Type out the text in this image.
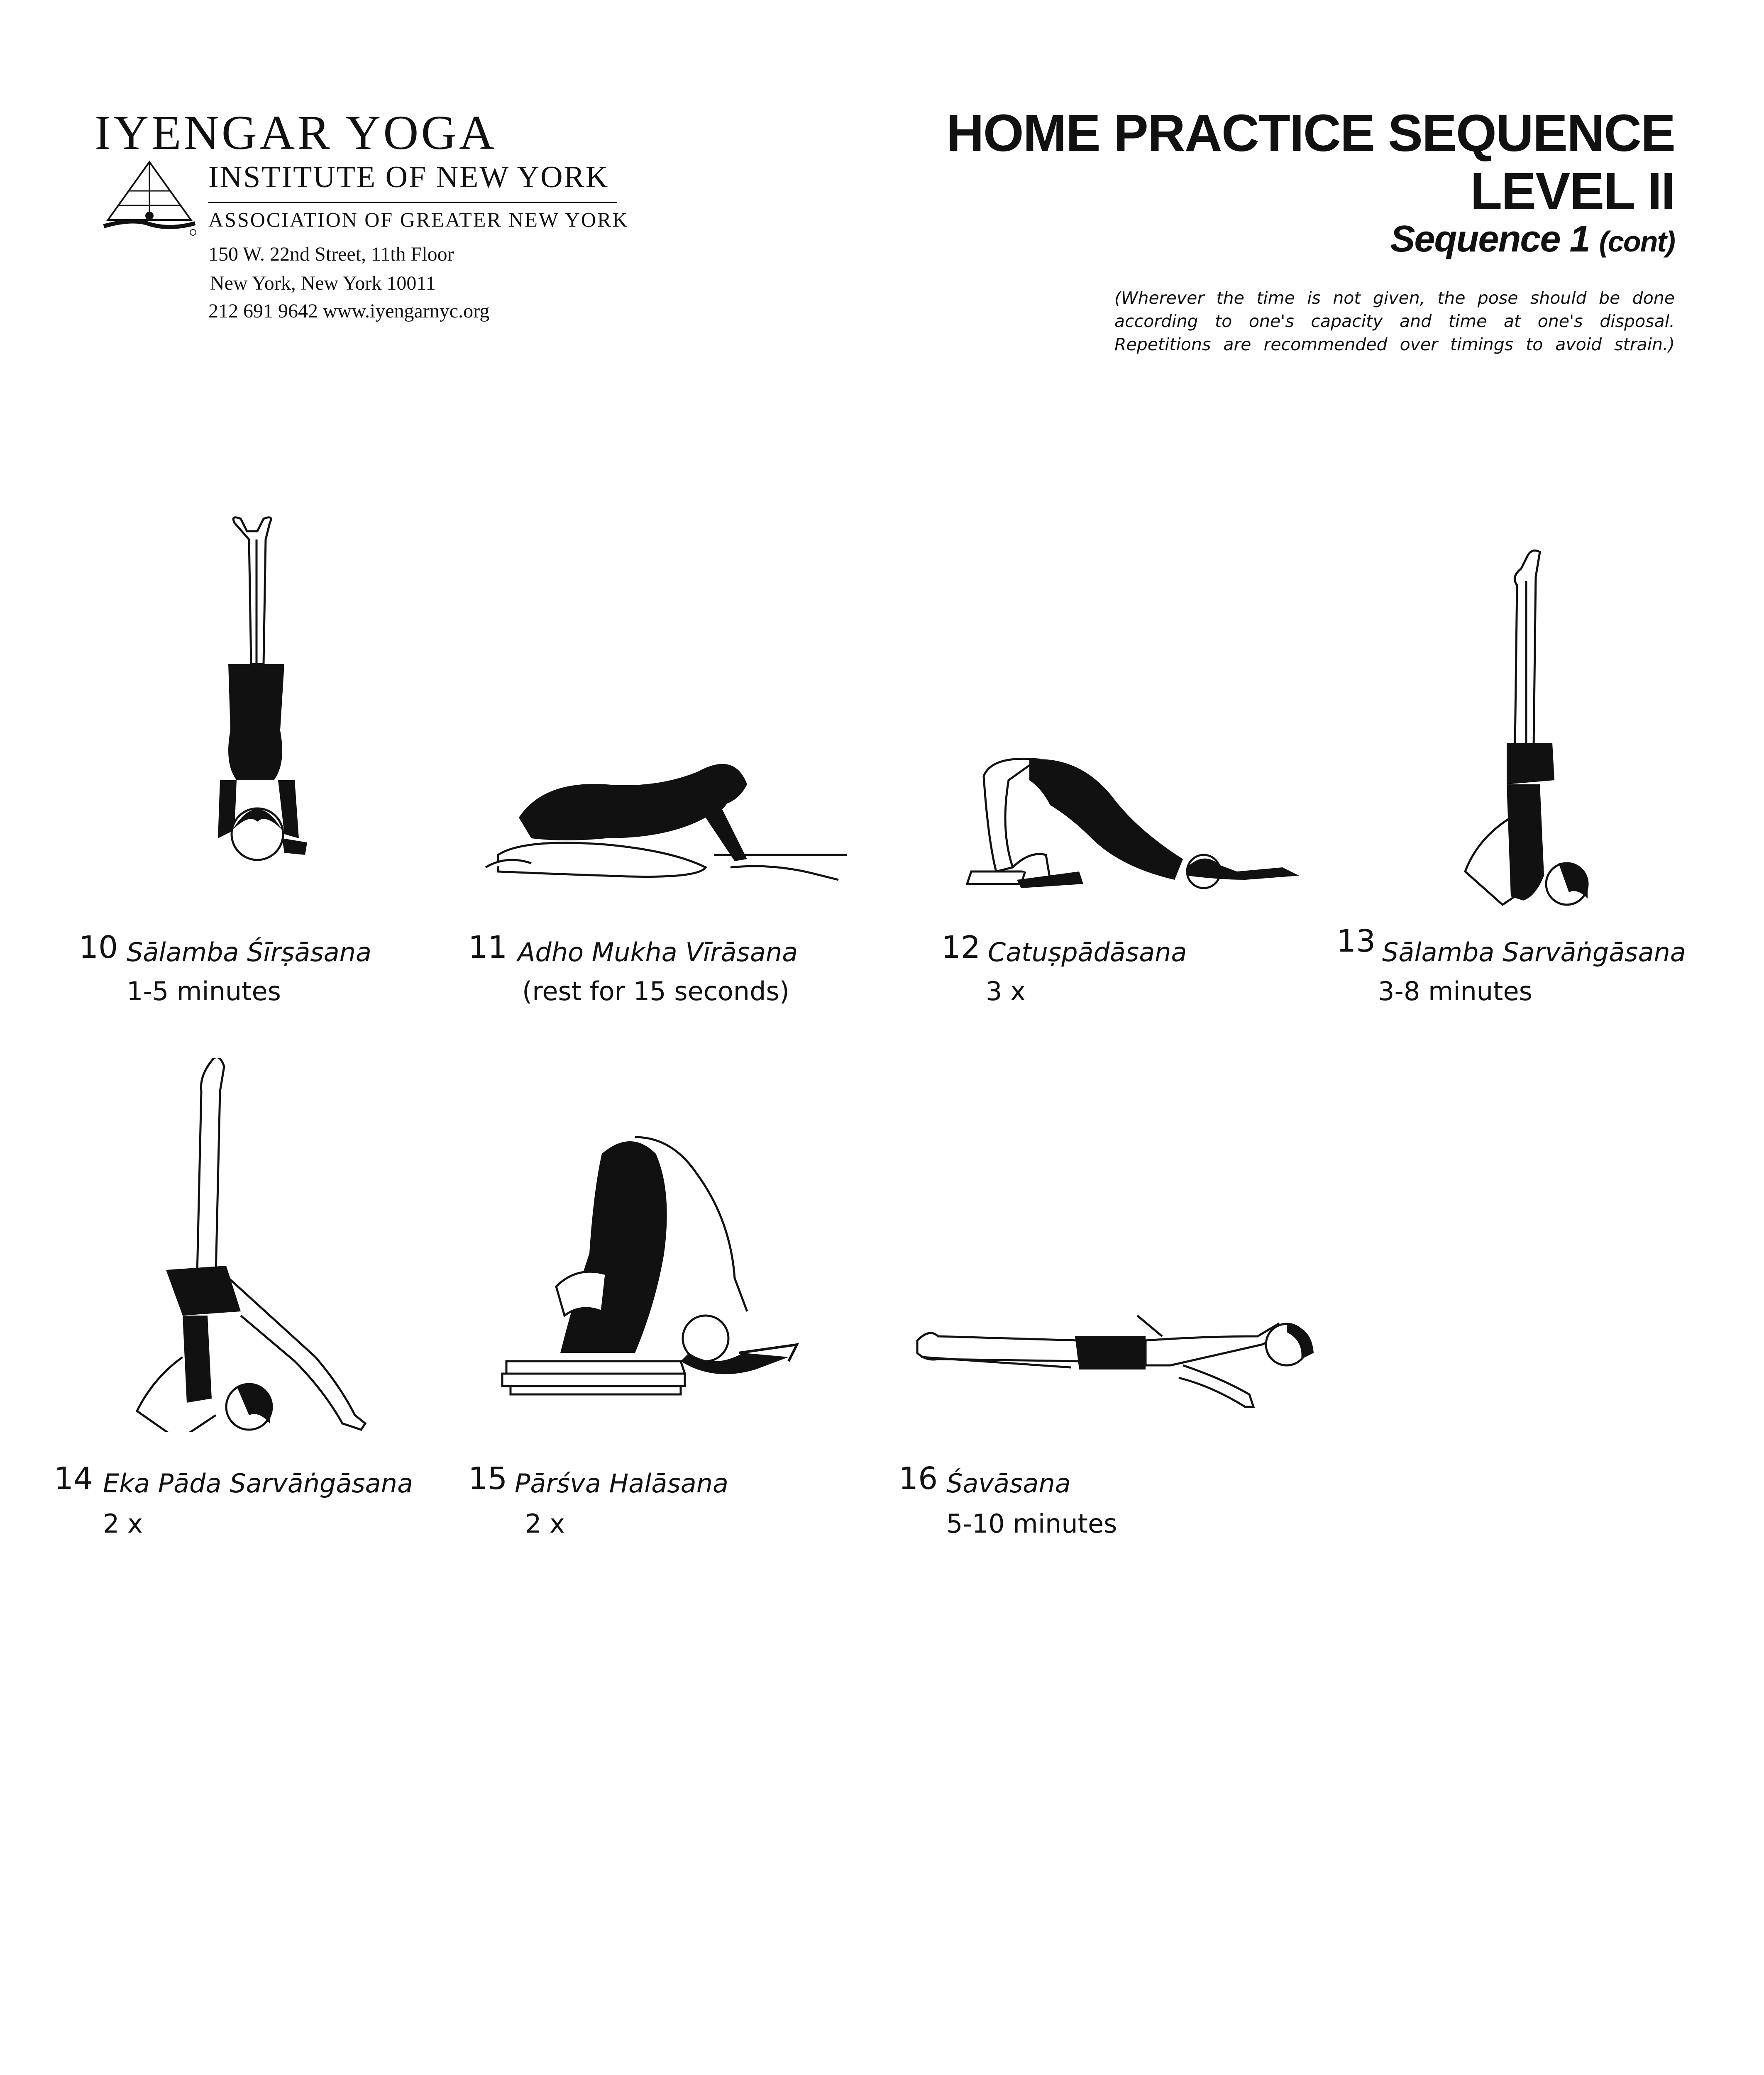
IYENGAR YOGA
INSTITUTE OF NEW YORK
ASSOCIATION OF GREATER NEW YORK
150 W. 22nd Street, 11th Floor
New York, New York 10011
212 691 9642 www.iyengarnyc.org
HOME PRACTICE SEQUENCE
LEVEL II
Sequence 1 (cont)
(Wherever the time is not given, the pose should be done according to one's capacity and time at one's disposal. Repetitions are recommended over timings to avoid strain.)
10 Sālamba Śīrṣāsana
1-5 minutes
11 Adho Mukha Vīrāsana
(rest for 15 seconds)
12 Catuṣpādāsana
3 x
13 Sālamba Sarvāṅgāsana
3-8 minutes
14 Eka Pāda Sarvāṅgāsana
2 x
15 Pārśva Halāsana
2 x
16 Śavāsana
5-10 minutes
